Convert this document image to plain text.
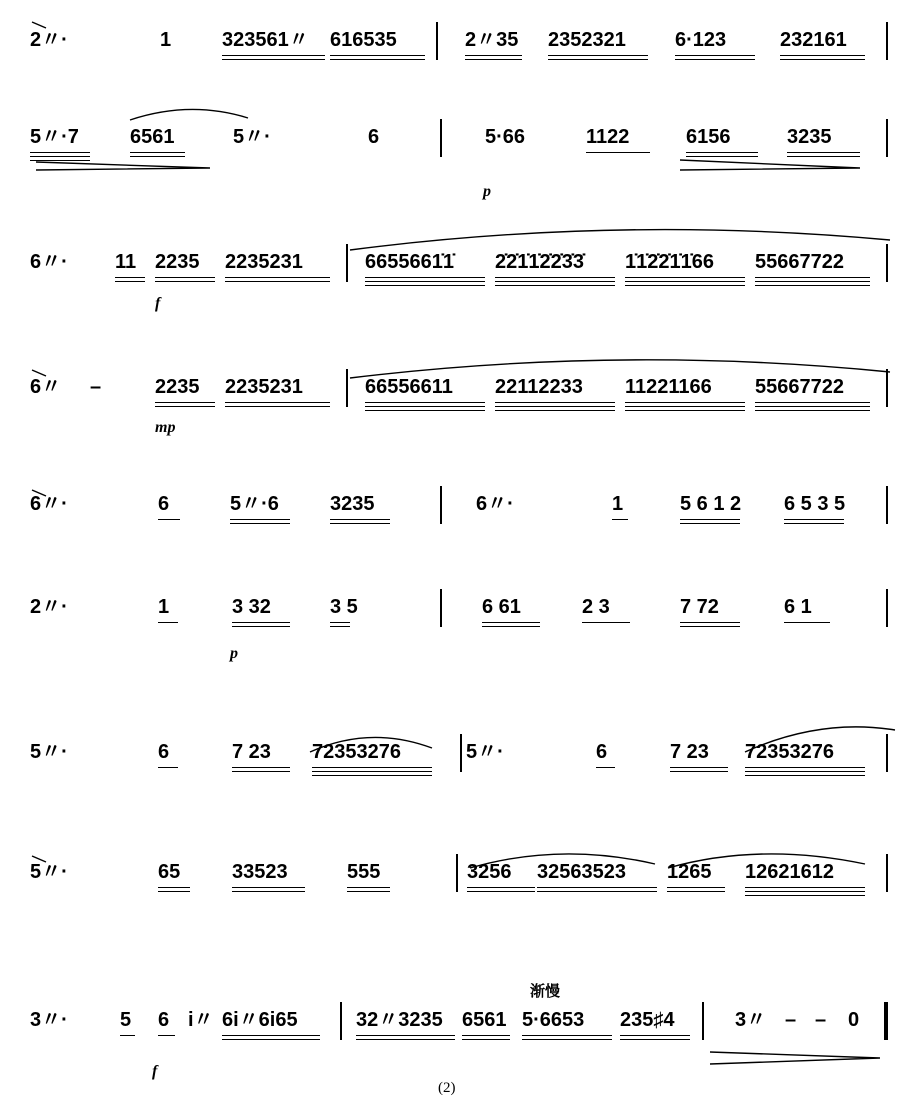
2〃·	1	323561〃 616535	2〃35 2352321 6·123	232161
5〃·7	6561	5〃·	6	5·66	1122	6156	3235
p
6〃· 11 2235 2235231	6655661̇1̇ 2̇2̇1̇1̇2̇2̇3̇3̇ 1̇1̇2̇2̇1̇1̇66 55667722
f
6〃 –	2235 2235231	66556611 22112233 11221166 55667722
mp
6〃·	6	5〃·6	3235	6〃·	1	5 6 1 2 6 5 3 5
2〃·	1	3 32	3 5	6 61	2 3	7 72	6 1
p
5〃·	6	7 23 72353276	5〃·	6	7 23 72353276
5〃·	65	33523	555	3256 32563523 1265 12621612
3〃·	5 6 i〃 6i〃6i65	32〃3235 6561 5·6653 235♯4	3〃 – – 0
f
渐慢
(2)
